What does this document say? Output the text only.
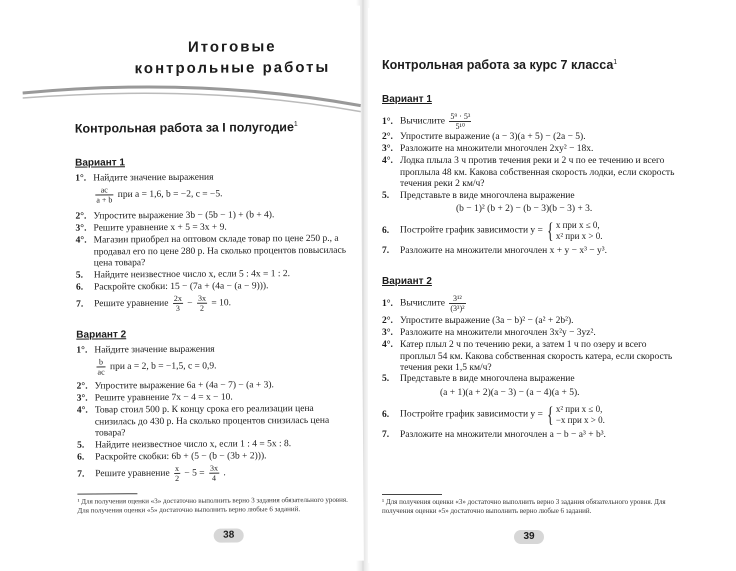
Итоговые
контрольные работы
Контрольная работа за I полугодие$^1$
Вариант 1
1°. Найдите значение выражения
$\frac{ac}{a + b}$ при a = 1,6, b = −2, c = −5.
2°. Упростите выражение 3b − (5b − 1) + (b + 4).
3°. Решите уравнение x + 5 = 3x + 9.
4°. Магазин приобрел на оптовом складе товар по цене 250 р., а продавал его по цене 280 р. На сколько процентов повысилась цена товара?
5. Найдите неизвестное число x, если 5 : 4x = 1 : 2.
6. Раскройте скобки: 15 − (7a + (4a − (a − 9))).
7. Решите уравнение $\frac{2x}{3} - \frac{3x}{2} = 10$.
Вариант 2
1°. Найдите значение выражения
$\frac{b}{ac}$ при a = 2, b = −1,5, c = 0,9.
2°. Упростите выражение 6a + (4a − 7) − (a + 3).
3°. Решите уравнение 7x − 4 = x − 10.
4°. Товар стоил 500 р. К концу срока его реализации цена снизилась до 430 р. На сколько процентов снизилась цена товара?
5. Найдите неизвестное число x, если 1 : 4 = 5x : 8.
6. Раскройте скобки: 6b + (5 − (b − (3b + 2))).
7. Решите уравнение $\frac{x}{2} - 5 = \frac{3x}{4}$ .
¹ Для получения оценки «3» достаточно выполнить верно 3 задания обязательного уровня. Для получения оценки «5» достаточно выполнить верно любые 6 заданий.
38
Контрольная работа за курс 7 класса$^1$
Вариант 1
1°. Вычислите $\frac{\text{5⁹ · 5³}}{\text{5¹⁰}}$
2°. Упростите выражение (a − 3)(a + 5) − (2a − 5).
3°. Разложите на множители многочлен 2xy² − 18x.
4°. Лодка плыла 3 ч против течения реки и 2 ч по ее течению и всего проплыла 48 км. Какова собственная скорость лодки, если скорость течения реки 2 км/ч?
5. Представьте в виде многочлена выражение
(b − 1)² (b + 2) − (b − 3)(b − 3) + 3.
6. Постройте график зависимости y = { x при x ≤ 0,
x² при x > 0.
7. Разложите на множители многочлен x + y − x³ − y³.
Вариант 2
1°. Вычислите $\frac{\text{3¹²}}{\text{(3³)²}}$
2°. Упростите выражение (3a − b)² − (a² + 2b²).
3°. Разложите на множители многочлен 3x²y − 3yz².
4°. Катер плыл 2 ч по течению реки, а затем 1 ч по озеру и всего проплыл 54 км. Какова собственная скорость катера, если скорость течения реки 1,5 км/ч?
5. Представьте в виде многочлена выражение
(a + 1)(a + 2)(a − 3) − (a − 4)(a + 5).
6. Постройте график зависимости y = { x² при x ≤ 0,
−x при x > 0.
7. Разложите на множители многочлен a − b − a³ + b³.
¹ Для получения оценки «3» достаточно выполнить верно 3 задания обязательного уровня. Для получения оценки «5» достаточно выполнить верно любые 6 заданий.
39
